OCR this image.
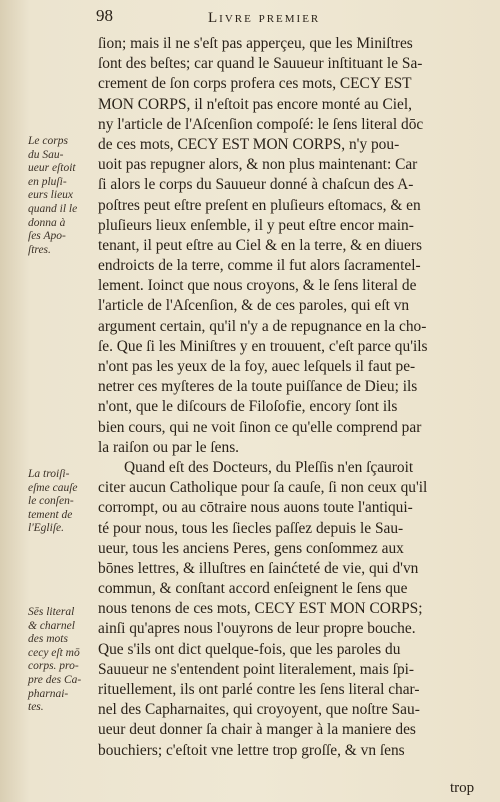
98	Livre premier
ſion; mais il ne s'eſt pas apperçeu, que les Miniſtres
ſont des beſtes; car quand le Sauueur inſtituant le Sa-
crement de ſon corps profera ces mots, CECY EST
MON CORPS, il n'eſtoit pas encore monté au Ciel,
ny l'article de l'Aſcenſion compoſé: le ſens literal dōc
de ces mots, CECY EST MON CORPS, n'y pou-
uoit pas repugner alors, & non plus maintenant: Car
ſi alors le corps du Sauueur donné à chaſcun des A-
poſtres peut eſtre preſent en pluſieurs eſtomacs, & en
pluſieurs lieux enſemble, il y peut eſtre encor main-
tenant, il peut eſtre au Ciel & en la terre, & en diuers
endroicts de la terre, comme il fut alors ſacramentel-
lement. Ioinct que nous croyons, & le ſens literal de
l'article de l'Aſcenſion, & de ces paroles, qui eſt vn
argument certain, qu'il n'y a de repugnance en la cho-
ſe. Que ſi les Miniſtres y en trouuent, c'eſt parce qu'ils
n'ont pas les yeux de la foy, auec leſquels il faut pe-
netrer ces myſteres de la toute puiſſance de Dieu; ils
n'ont, que le diſcours de Filoſofie, encory ſont ils
bien cours, qui ne voit ſinon ce qu'elle comprend par
la raiſon ou par le ſens.
Quand eſt des Docteurs, du Pleſſis n'en ſçauroit
citer aucun Catholique pour ſa cauſe, ſi non ceux qu'il
corrompt, ou au cōtraire nous auons toute l'antiqui-
té pour nous, tous les ſiecles paſſez depuis le Sau-
ueur, tous les anciens Peres, gens conſommez aux
bōnes lettres, & illuſtres en ſainćteté de vie, qui d'vn
commun, & conſtant accord enſeignent le ſens que
nous tenons de ces mots, CECY EST MON CORPS;
ainſi qu'apres nous l'ouyrons de leur propre bouche.
Que s'ils ont dict quelque-fois, que les paroles du
Sauueur ne s'entendent point literalement, mais ſpi-
rituellement, ils ont parlé contre les ſens literal char-
nel des Capharnaites, qui croyoyent, que noſtre Sau-
ueur deut donner ſa chair à manger à la maniere des
bouchiers; c'eſtoit vne lettre trop groſſe, & vn ſens
Le corps
du Sau-
ueur eſtoit
en pluſi-
eurs lieux
quand il le
donna à
ſes Apo-
ſtres.
La troiſi-
eſme cauſe
le conſen-
tement de
l'Egliſe.
Sēs literal
& charnel
des mots
cecy eſt mō
corps. pro-
pre des Ca-
pharnai-
tes.
trop
